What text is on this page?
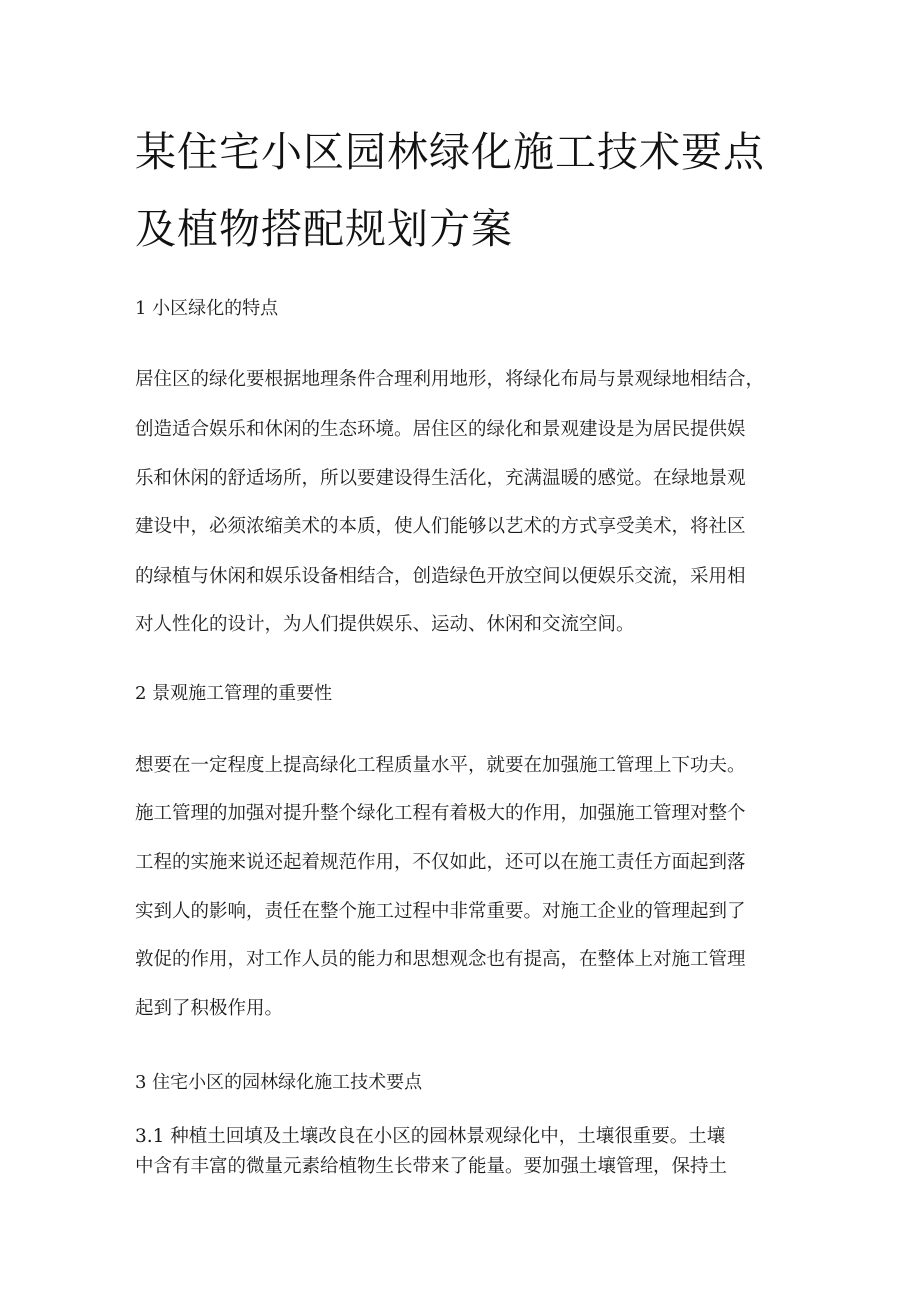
某住宅小区园林绿化施工技术要点
及植物搭配规划方案
1 小区绿化的特点
居住区的绿化要根据地理条件合理利用地形，将绿化布局与景观绿地相结合，
创造适合娱乐和休闲的生态环境。居住区的绿化和景观建设是为居民提供娱
乐和休闲的舒适场所，所以要建设得生活化，充满温暖的感觉。在绿地景观
建设中，必须浓缩美术的本质，使人们能够以艺术的方式享受美术，将社区
的绿植与休闲和娱乐设备相结合，创造绿色开放空间以便娱乐交流，采用相
对人性化的设计，为人们提供娱乐、运动、休闲和交流空间。
2 景观施工管理的重要性
想要在一定程度上提高绿化工程质量水平，就要在加强施工管理上下功夫。
施工管理的加强对提升整个绿化工程有着极大的作用，加强施工管理对整个
工程的实施来说还起着规范作用，不仅如此，还可以在施工责任方面起到落
实到人的影响，责任在整个施工过程中非常重要。对施工企业的管理起到了
敦促的作用，对工作人员的能力和思想观念也有提高，在整体上对施工管理
起到了积极作用。
3 住宅小区的园林绿化施工技术要点
3.1 种植土回填及土壤改良在小区的园林景观绿化中，土壤很重要。土壤
中含有丰富的微量元素给植物生长带来了能量。要加强土壤管理，保持土
